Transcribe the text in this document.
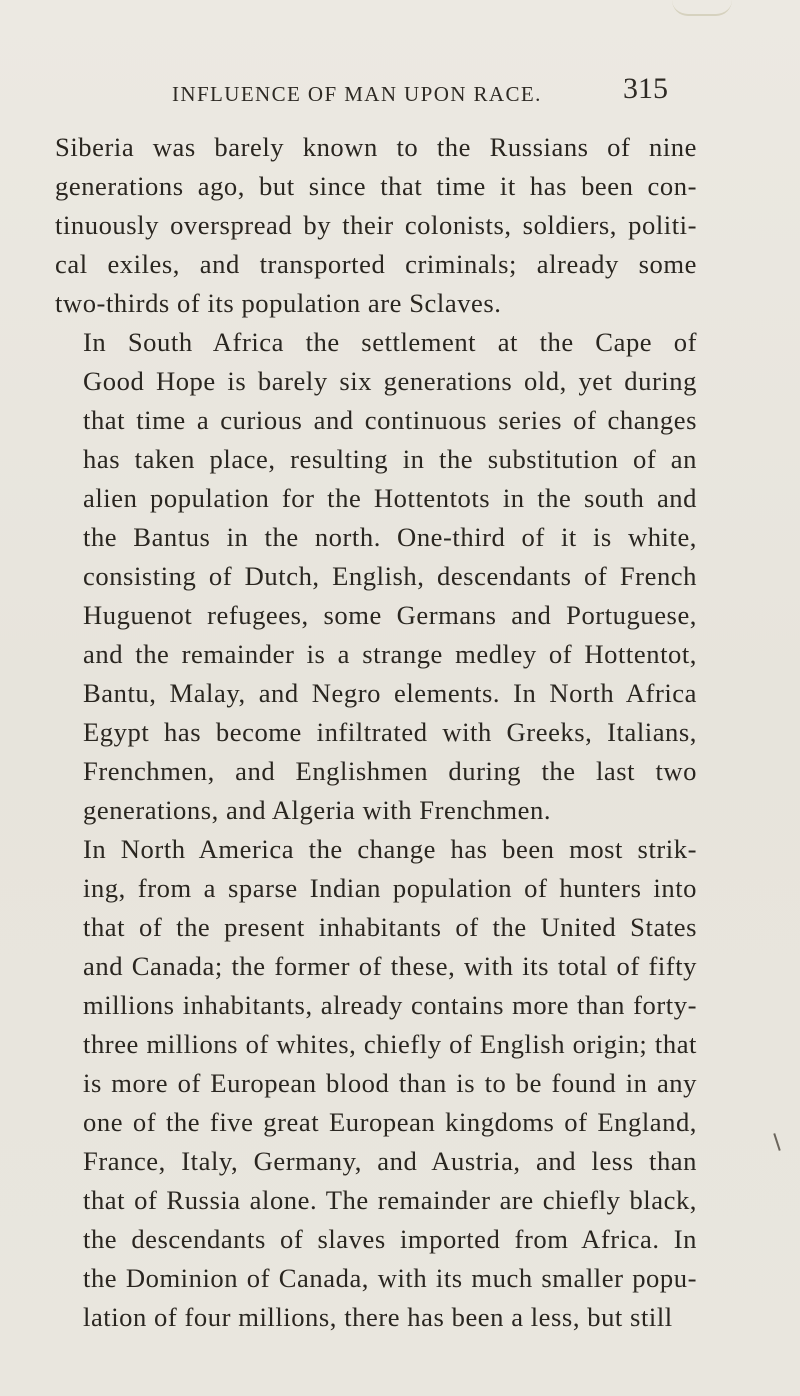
INFLUENCE OF MAN UPON RACE.	315

Siberia was barely known to the Russians of nine
generations ago, but since that time it has been con-
tinuously overspread by their colonists, soldiers, politi-
cal exiles, and transported criminals; already some
two-thirds of its population are Sclaves.

In South Africa the settlement at the Cape of
Good Hope is barely six generations old, yet during
that time a curious and continuous series of changes
has taken place, resulting in the substitution of an
alien population for the Hottentots in the south and
the Bantus in the north. One-third of it is white,
consisting of Dutch, English, descendants of French
Huguenot refugees, some Germans and Portuguese,
and the remainder is a strange medley of Hottentot,
Bantu, Malay, and Negro elements. In North Africa
Egypt has become infiltrated with Greeks, Italians,
Frenchmen, and Englishmen during the last two
generations, and Algeria with Frenchmen.

In North America the change has been most strik-
ing, from a sparse Indian population of hunters into
that of the present inhabitants of the United States
and Canada; the former of these, with its total of fifty
millions inhabitants, already contains more than forty-
three millions of whites, chiefly of English origin; that
is more of European blood than is to be found in any
one of the five great European kingdoms of England,
France, Italy, Germany, and Austria, and less than
that of Russia alone. The remainder are chiefly black,
the descendants of slaves imported from Africa. In
the Dominion of Canada, with its much smaller popu-
lation of four millions, there has been a less, but still
